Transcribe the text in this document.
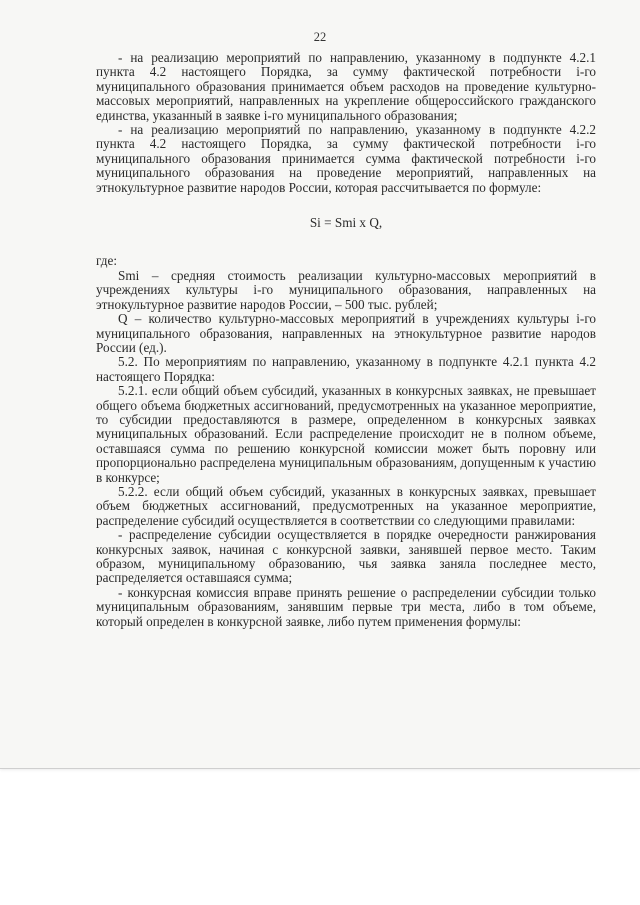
22

- на реализацию мероприятий по направлению, указанному в подпункте 4.2.1 пункта 4.2 настоящего Порядка, за сумму фактической потребности i-го муниципального образования принимается объем расходов на проведение культурно-массовых мероприятий, направленных на укрепление общероссийского гражданского единства, указанный в заявке i-го муниципального образования;

- на реализацию мероприятий по направлению, указанному в подпункте 4.2.2 пункта 4.2 настоящего Порядка, за сумму фактической потребности i-го муниципального образования принимается сумма фактической потребности i-го муниципального образования на проведение мероприятий, направленных на этнокультурное развитие народов России, которая рассчитывается по формуле:

Si = Smi x Q,

где:

Smi – средняя стоимость реализации культурно-массовых мероприятий в учреждениях культуры i-го муниципального образования, направленных на этнокультурное развитие народов России, – 500 тыс. рублей;

Q – количество культурно-массовых мероприятий в учреждениях культуры i-го муниципального образования, направленных на этнокультурное развитие народов России (ед.).

5.2. По мероприятиям по направлению, указанному в подпункте 4.2.1 пункта 4.2 настоящего Порядка:

5.2.1. если общий объем субсидий, указанных в конкурсных заявках, не превышает общего объема бюджетных ассигнований, предусмотренных на указанное мероприятие, то субсидии предоставляются в размере, определенном в конкурсных заявках муниципальных образований. Если распределение происходит не в полном объеме, оставшаяся сумма по решению конкурсной комиссии может быть поровну или пропорционально распределена муниципальным образованиям, допущенным к участию в конкурсе;

5.2.2. если общий объем субсидий, указанных в конкурсных заявках, превышает объем бюджетных ассигнований, предусмотренных на указанное мероприятие, распределение субсидий осуществляется в соответствии со следующими правилами:

- распределение субсидии осуществляется в порядке очередности ранжирования конкурсных заявок, начиная с конкурсной заявки, занявшей первое место. Таким образом, муниципальному образованию, чья заявка заняла последнее место, распределяется оставшаяся сумма;

- конкурсная комиссия вправе принять решение о распределении субсидии только муниципальным образованиям, занявшим первые три места, либо в том объеме, который определен в конкурсной заявке, либо путем применения формулы:
